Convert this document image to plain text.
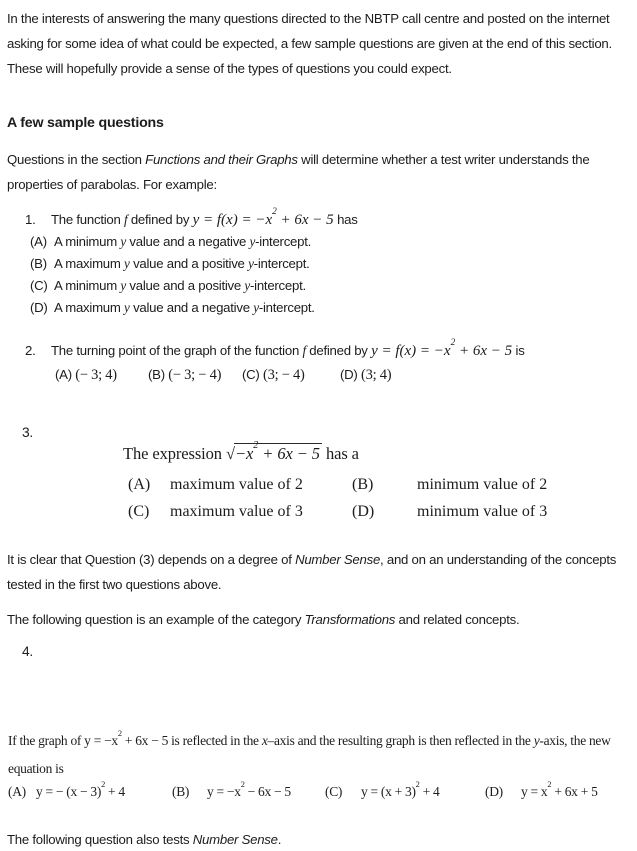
In the interests of answering the many questions directed to the NBTP call centre and posted on the internet asking for some idea of what could be expected, a few sample questions are given at the end of this section. These will hopefully provide a sense of the types of questions you could expect.

A few sample questions

Questions in the section Functions and their Graphs will determine whether a test writer understands the properties of parabolas. For example:

1. The function f defined by $y = f(x) = -x^2 + 6x - 5$ has
(A) A minimum y value and a negative y-intercept.
(B) A maximum y value and a positive y-intercept.
(C) A minimum y value and a positive y-intercept.
(D) A maximum y value and a negative y-intercept.
2. The turning point of the graph of the function f defined by $y = f(x) = -x^2 + 6x - 5$ is
(A) (− 3; 4) (B) (− 3; − 4) (C) (3; − 4)	(D) (3; 4)
3.
The expression $√-x^2 + 6x - 5$ has a
(A) maximum value of 2	(B)	minimum value of 2
(C) maximum value of 3	(D)	minimum value of 3

It is clear that Question (3) depends on a degree of Number Sense, and on an understanding of the concepts tested in the first two questions above.

The following question is an example of the category Transformations and related concepts.

4.

If the graph of $y = -x^2 + 6x - 5$ is reflected in the x–axis and the resulting graph is then reflected in the y-axis, the new equation is

(A) y = − $(x - 3)^2 + 4$	(B) $y = -x^2 - 6x - 5$	(C) $y = (x + 3)^2 + 4$	(D) $y = x^2 + 6x + 5$

The following question also tests Number Sense.
